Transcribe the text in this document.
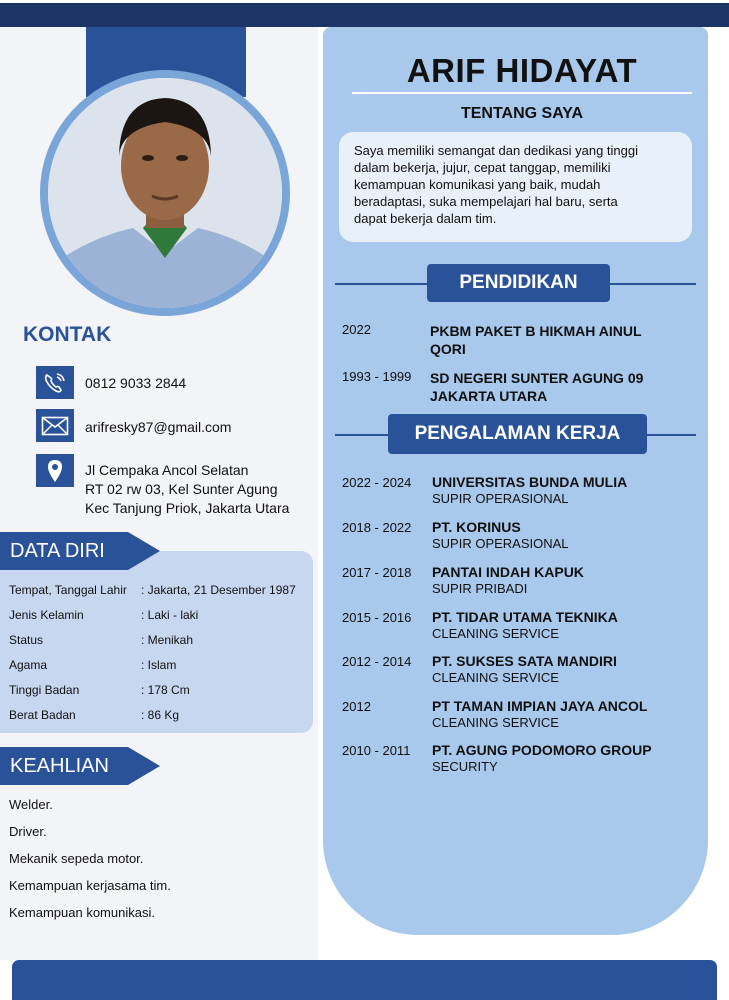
ARIF HIDAYAT
TENTANG SAYA
Saya memiliki semangat dan dedikasi yang tinggi
dalam bekerja, jujur, cepat tanggap, memiliki
kemampuan komunikasi yang baik, mudah
beradaptasi, suka mempelajari hal baru, serta
dapat bekerja dalam tim.
PENDIDIKAN
2022	PKBM PAKET B HIKMAH AINUL
QORI
1993 - 1999	SD NEGERI SUNTER AGUNG 09
JAKARTA UTARA
PENGALAMAN KERJA
2022 - 2024	UNIVERSITAS BUNDA MULIA
SUPIR OPERASIONAL
2018 - 2022	PT. KORINUS
SUPIR OPERASIONAL
2017 - 2018	PANTAI INDAH KAPUK
SUPIR PRIBADI
2015 - 2016	PT. TIDAR UTAMA TEKNIKA
CLEANING SERVICE
2012 - 2014	PT. SUKSES SATA MANDIRI
CLEANING SERVICE
2012	PT TAMAN IMPIAN JAYA ANCOL
CLEANING SERVICE
2010 - 2011	PT. AGUNG PODOMORO GROUP
SECURITY
KONTAK
0812 9033 2844
arifresky87@gmail.com
Jl Cempaka Ancol Selatan
RT 02 rw 03, Kel Sunter Agung
Kec Tanjung Priok, Jakarta Utara
DATA DIRI
Tempat, Tanggal Lahir : Jakarta, 21 Desember 1987
Jenis Kelamin	: Laki - laki
Status	: Menikah
Agama	: Islam
Tinggi Badan	: 178 Cm
Berat Badan	: 86 Kg
KEAHLIAN
Welder.
Driver.
Mekanik sepeda motor.
Kemampuan kerjasama tim.
Kemampuan komunikasi.
